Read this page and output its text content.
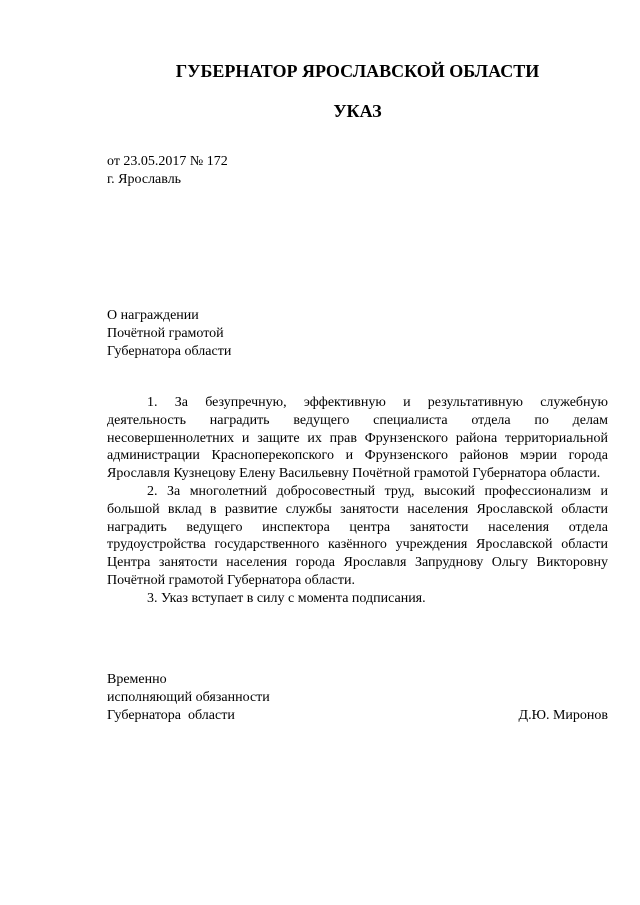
ГУБЕРНАТОР ЯРОСЛАВСКОЙ ОБЛАСТИ
УКАЗ
от 23.05.2017 № 172
г. Ярославль
О награждении
Почётной грамотой
Губернатора области

1. За безупречную, эффективную и результативную служебную деятельность наградить ведущего специалиста отдела по делам несовершеннолетних и защите их прав Фрунзенского района территориальной администрации Красноперекопского и Фрунзенского районов мэрии города Ярославля Кузнецову Елену Васильевну Почётной грамотой Губернатора области.

2. За многолетний добросовестный труд, высокий профессионализм и большой вклад в развитие службы занятости населения Ярославской области наградить ведущего инспектора центра занятости населения отдела трудоустройства государственного казённого учреждения Ярославской области Центра занятости населения города Ярославля Запруднову Ольгу Викторовну Почётной грамотой Губернатора области.

3. Указ вступает в силу с момента подписания.

Временно
исполняющий обязанности
Губернатора  области	Д.Ю. Миронов
